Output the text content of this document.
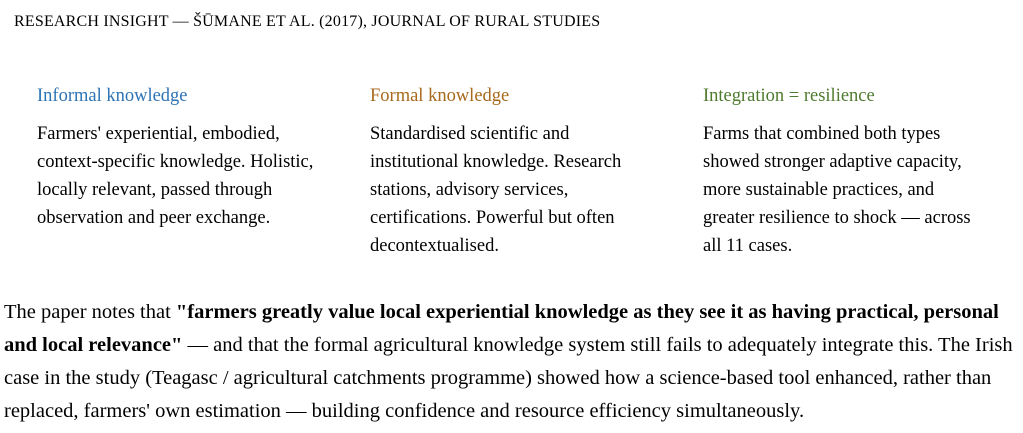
RESEARCH INSIGHT — ŠŪMANE ET AL. (2017), JOURNAL OF RURAL STUDIES
Informal knowledge

Farmers' experiential, embodied, context-specific knowledge. Holistic, locally relevant, passed through observation and peer exchange.

Formal knowledge

Standardised scientific and institutional knowledge. Research stations, advisory services, certifications. Powerful but often decontextualised.

Integration = resilience

Farms that combined both types showed stronger adaptive capacity, more sustainable practices, and greater resilience to shock — across all 11 cases.

The paper notes that "farmers greatly value local experiential knowledge as they see it as having practical, personal and local relevance" — and that the formal agricultural knowledge system still fails to adequately integrate this. The Irish case in the study (Teagasc / agricultural catchments programme) showed how a science-based tool enhanced, rather than replaced, farmers' own estimation — building confidence and resource efficiency simultaneously.
